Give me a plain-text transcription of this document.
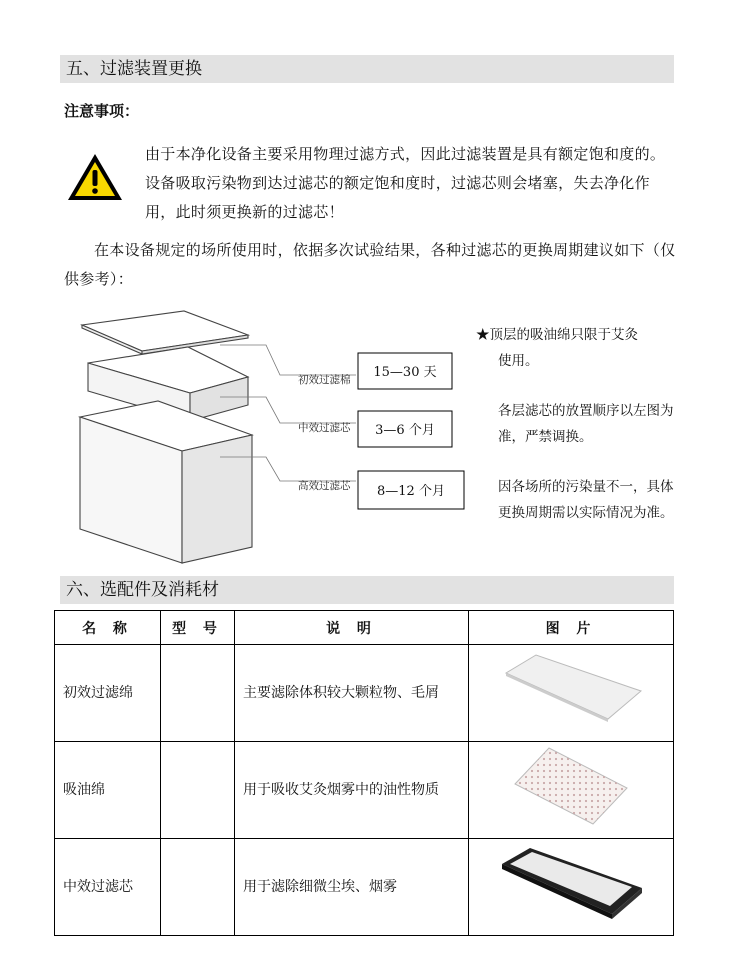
五、过滤装置更换
注意事项：
由于本净化设备主要采用物理过滤方式，因此过滤装置是具有额定饱和度的。设备吸取污染物到达过滤芯的额定饱和度时，过滤芯则会堵塞，失去净化作用，此时须更换新的过滤芯！
在本设备规定的场所使用时，依据多次试验结果，各种过滤芯的更换周期建议如下（仅供参考）：
初效过滤棉
中效过滤芯
高效过滤芯
15—30 天
3—6 个月
8—12 个月

★顶层的吸油绵只限于艾灸
使用。

各层滤芯的放置顺序以左图为准，严禁调换。

因各场所的污染量不一，具体更换周期需以实际情况为准。

六、选配件及消耗材
名 称	型 号	说 明	图 片
初效过滤绵		主要滤除体积较大颗粒物、毛屑	
吸油绵		用于吸收艾灸烟雾中的油性物质	
中效过滤芯		用于滤除细微尘埃、烟雾	
